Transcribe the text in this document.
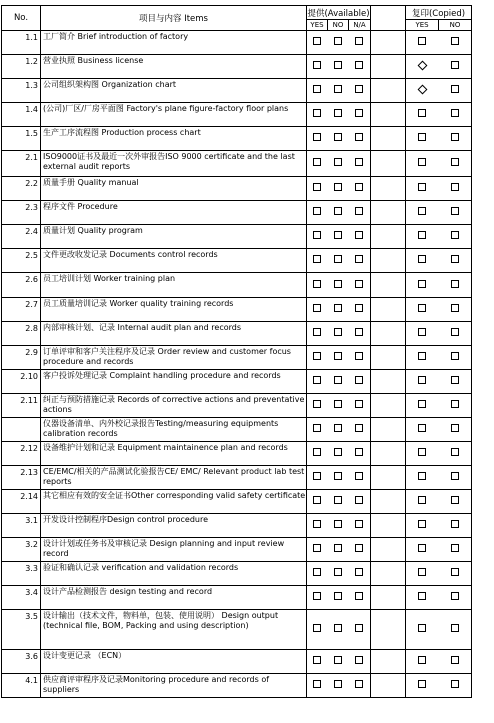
No.	项目与内容 Items	提供(Available)				复印(Copied)	
		YES	NO	N/A		YES	NO
1.1	工厂简介 Brief introduction of factory						
1.2	营业执照 Business license						
1.3	公司组织架构图 Organization chart						
1.4	(公司)厂区/厂房平面图 Factory's plane figure-factory floor plans						
1.5	生产工序流程图 Production process chart						
2.1	ISO9000证书及最近一次外审报告ISO 9000 certificate and the last external audit reports						
2.2	质量手册 Quality manual						
2.3	程序文件 Procedure						
2.4	质量计划 Quality program						
2.5	文件更改收发记录 Documents control records						
2.6	员工培训计划 Worker training plan						
2.7	员工质量培训记录 Worker quality training records						
2.8	内部审核计划、记录 Internal audit plan and records						
2.9	订单评审和客户关注程序及记录 Order review and customer focus procedure and records						
2.10	客户投诉处理记录 Complaint handling procedure and records						
2.11	纠正与预防措施记录 Records of corrective actions and preventative actions						
	仪器设备清单、内外校记录报告Testing/measuring equipments calibration records						
2.12	设备维护计划和记录 Equipment maintainence plan and records						
2.13	CE/EMC/相关的产品测试化验报告CE/ EMC/ Relevant product lab test reports						
2.14	其它相应有效的安全证书Other corresponding valid safety certificate						
3.1	开发设计控制程序Design control procedure						
3.2	设计计划或任务书及审核记录 Design planning and input review record						
3.3	验证和确认记录 verification and validation records						
3.4	设计产品检测报告 design testing and record						
3.5	设计输出（技术文件，物料单，包装、使用说明） Design output (technical file, BOM, Packing and using description)						
3.6	设计变更记录 （ECN）						
4.1	供应商评审程序及记录Monitoring procedure and records of suppliers						
